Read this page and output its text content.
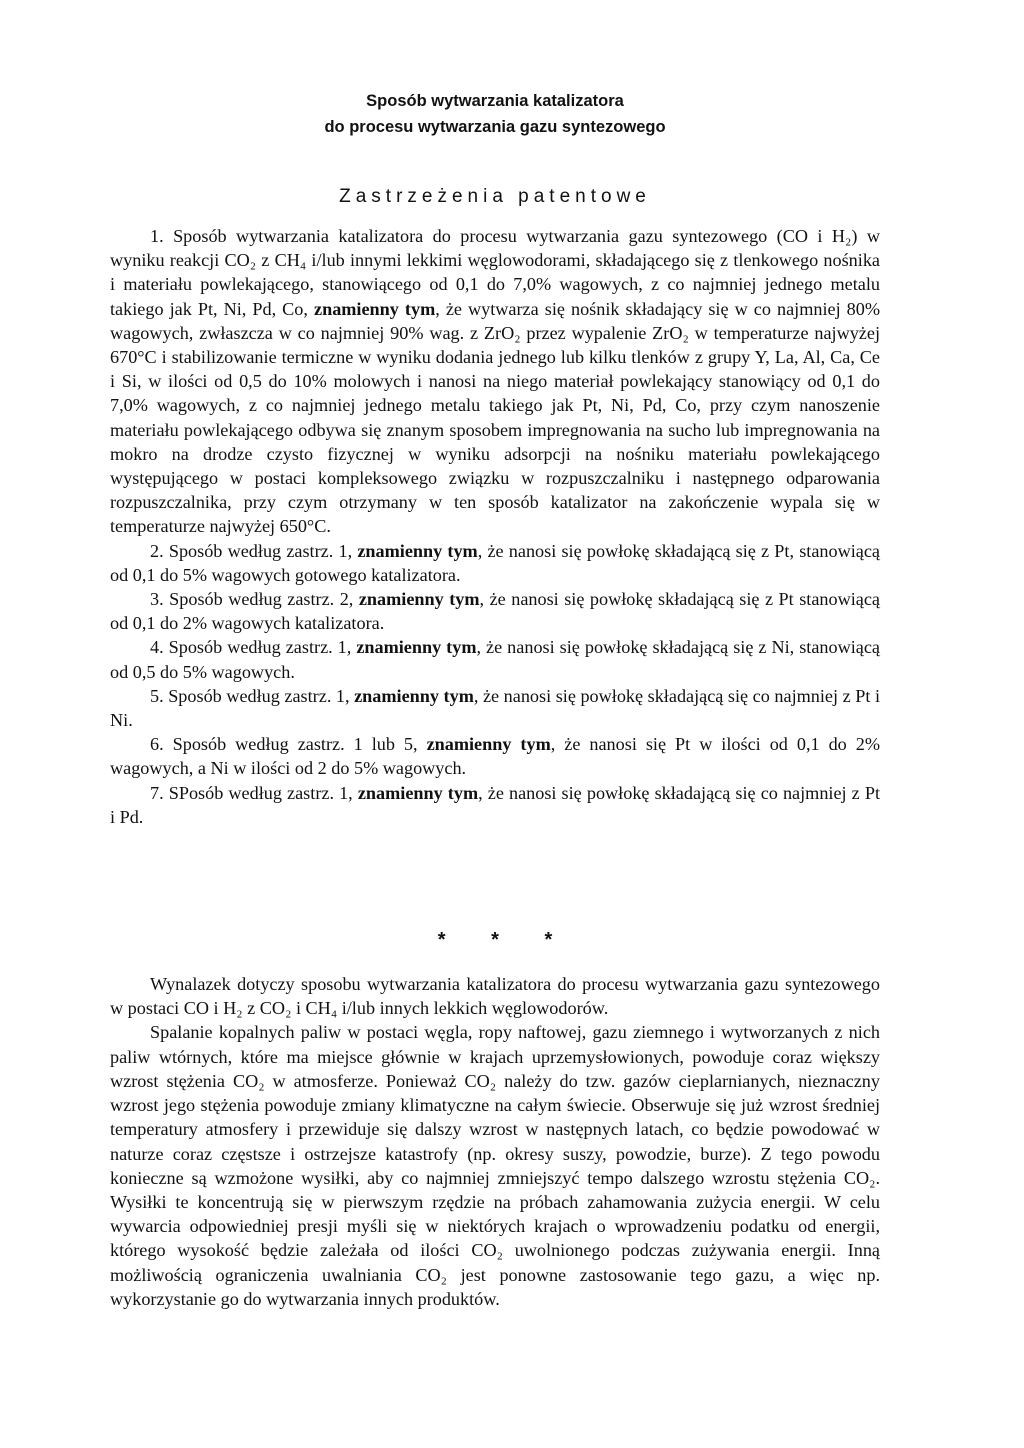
Sposób wytwarzania katalizatora
do procesu wytwarzania gazu syntezowego
Zastrzeżenia patentowe

1. Sposób wytwarzania katalizatora do procesu wytwarzania gazu syntezowego (CO i H₂) w wyniku reakcji CO₂ z CH₄ i/lub innymi lekkimi węglowodorami, składającego się z tlenkowego nośnika i materiału powlekającego, stanowiącego od 0,1 do 7,0% wagowych, z co najmniej jednego metalu takiego jak Pt, Ni, Pd, Co, znamienny tym, że wytwarza się nośnik składający się w co najmniej 80% wagowych, zwłaszcza w co najmniej 90% wag. z ZrO₂ przez wypalenie ZrO₂ w temperaturze najwyżej 670°C i stabilizowanie termiczne w wyniku dodania jednego lub kilku tlenków z grupy Y, La, Al, Ca, Ce i Si, w ilości od 0,5 do 10% molowych i nanosi na niego materiał powlekający stanowiący od 0,1 do 7,0% wagowych, z co najmniej jednego metalu takiego jak Pt, Ni, Pd, Co, przy czym nanoszenie materiału powlekającego odbywa się znanym sposobem impregnowania na sucho lub impregnowania na mokro na drodze czysto fizycznej w wyniku adsorpcji na nośniku materiału powlekającego występującego w postaci kompleksowego związku w rozpuszczalniku i następnego odparowania rozpuszczalnika, przy czym otrzymany w ten sposób katalizator na zakończenie wypala się w temperaturze najwyżej 650°C.

2. Sposób według zastrz. 1, znamienny tym, że nanosi się powłokę składającą się z Pt, stanowiącą od 0,1 do 5% wagowych gotowego katalizatora.

3. Sposób według zastrz. 2, znamienny tym, że nanosi się powłokę składającą się z Pt stanowiącą od 0,1 do 2% wagowych katalizatora.

4. Sposób według zastrz. 1, znamienny tym, że nanosi się powłokę składającą się z Ni, stanowiącą od 0,5 do 5% wagowych.

5. Sposób według zastrz. 1, znamienny tym, że nanosi się powłokę składającą się co najmniej z Pt i Ni.

6. Sposób według zastrz. 1 lub 5, znamienny tym, że nanosi się Pt w ilości od 0,1 do 2% wagowych, a Ni w ilości od 2 do 5% wagowych.

7. SPosób według zastrz. 1, znamienny tym, że nanosi się powłokę składającą się co najmniej z Pt i Pd.

* * *

Wynalazek dotyczy sposobu wytwarzania katalizatora do procesu wytwarzania gazu syntezowego w postaci CO i H₂ z CO₂ i CH₄ i/lub innych lekkich węglowodorów.

Spalanie kopalnych paliw w postaci węgla, ropy naftowej, gazu ziemnego i wytworzanych z nich paliw wtórnych, które ma miejsce głównie w krajach uprzemysłowionych, powoduje coraz większy wzrost stężenia CO₂ w atmosferze. Ponieważ CO₂ należy do tzw. gazów cieplarnianych, nieznaczny wzrost jego stężenia powoduje zmiany klimatyczne na całym świecie. Obserwuje się już wzrost średniej temperatury atmosfery i przewiduje się dalszy wzrost w następnych latach, co będzie powodować w naturze coraz częstsze i ostrzejsze katastrofy (np. okresy suszy, powodzie, burze). Z tego powodu konieczne są wzmożone wysiłki, aby co najmniej zmniejszyć tempo dalszego wzrostu stężenia CO₂. Wysiłki te koncentrują się w pierwszym rzędzie na próbach zahamowania zużycia energii. W celu wywarcia odpowiedniej presji myśli się w niektórych krajach o wprowadzeniu podatku od energii, którego wysokość będzie zależała od ilości CO₂ uwolnionego podczas zużywania energii. Inną możliwością ograniczenia uwalniania CO₂ jest ponowne zastosowanie tego gazu, a więc np. wykorzystanie go do wytwarzania innych produktów.
